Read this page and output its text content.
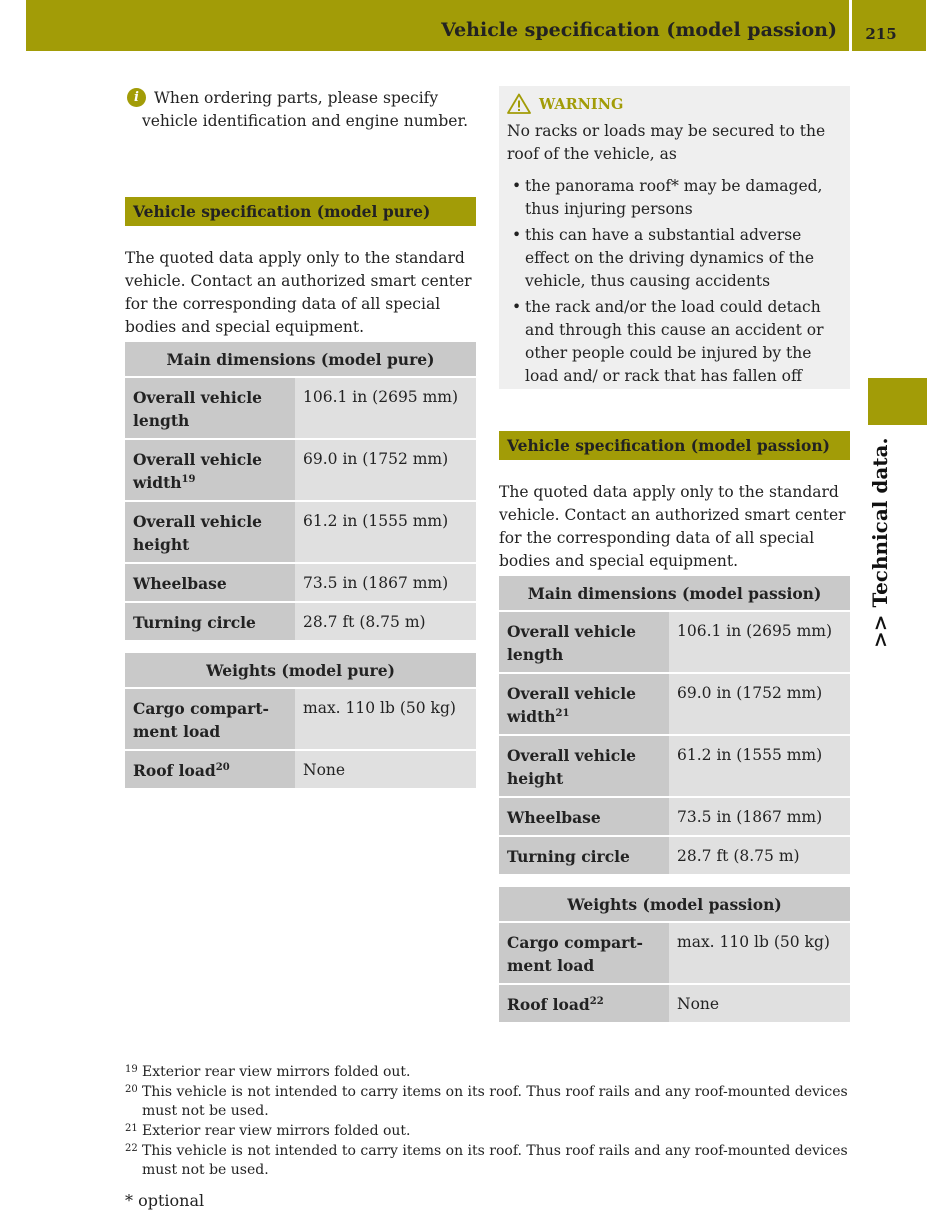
Vehicle specification (model passion)	215
>> Technical data.
i When ordering parts, please specify vehicle identification and engine number.
Vehicle specification (model pure)
The quoted data apply only to the standard vehicle. Contact an authorized smart center for the corresponding data of all special bodies and special equipment.
Main dimensions (model pure)	
Overall vehicle length	106.1 in (2695 mm)
Overall vehicle width$^{19}$	69.0 in (1752 mm)
Overall vehicle height	61.2 in (1555 mm)
Wheelbase	73.5 in (1867 mm)
Turning circle	28.7 ft (8.75 m)
Weights (model pure)	
Cargo compartment load	max. 110 lb (50 kg)
Roof load$^{20}$	None
WARNING
No racks or loads may be secured to the roof of the vehicle, as
• the panorama roof* may be damaged, thus injuring persons
• this can have a substantial adverse effect on the driving dynamics of the vehicle, thus causing accidents
• the rack and/or the load could detach and through this cause an accident or other people could be injured by the load and/ or rack that has fallen off
Vehicle specification (model passion)
The quoted data apply only to the standard vehicle. Contact an authorized smart center for the corresponding data of all special bodies and special equipment.
Main dimensions (model passion)	
Overall vehicle length	106.1 in (2695 mm)
Overall vehicle width$^{21}$	69.0 in (1752 mm)
Overall vehicle height	61.2 in (1555 mm)
Wheelbase	73.5 in (1867 mm)
Turning circle	28.7 ft (8.75 m)
Weights (model passion)	
Cargo compartment load	max. 110 lb (50 kg)
Roof load$^{22}$	None
19 Exterior rear view mirrors folded out.
20 This vehicle is not intended to carry items on its roof. Thus roof rails and any roof-mounted devices must not be used.
21 Exterior rear view mirrors folded out.
22 This vehicle is not intended to carry items on its roof. Thus roof rails and any roof-mounted devices must not be used.
* optional
